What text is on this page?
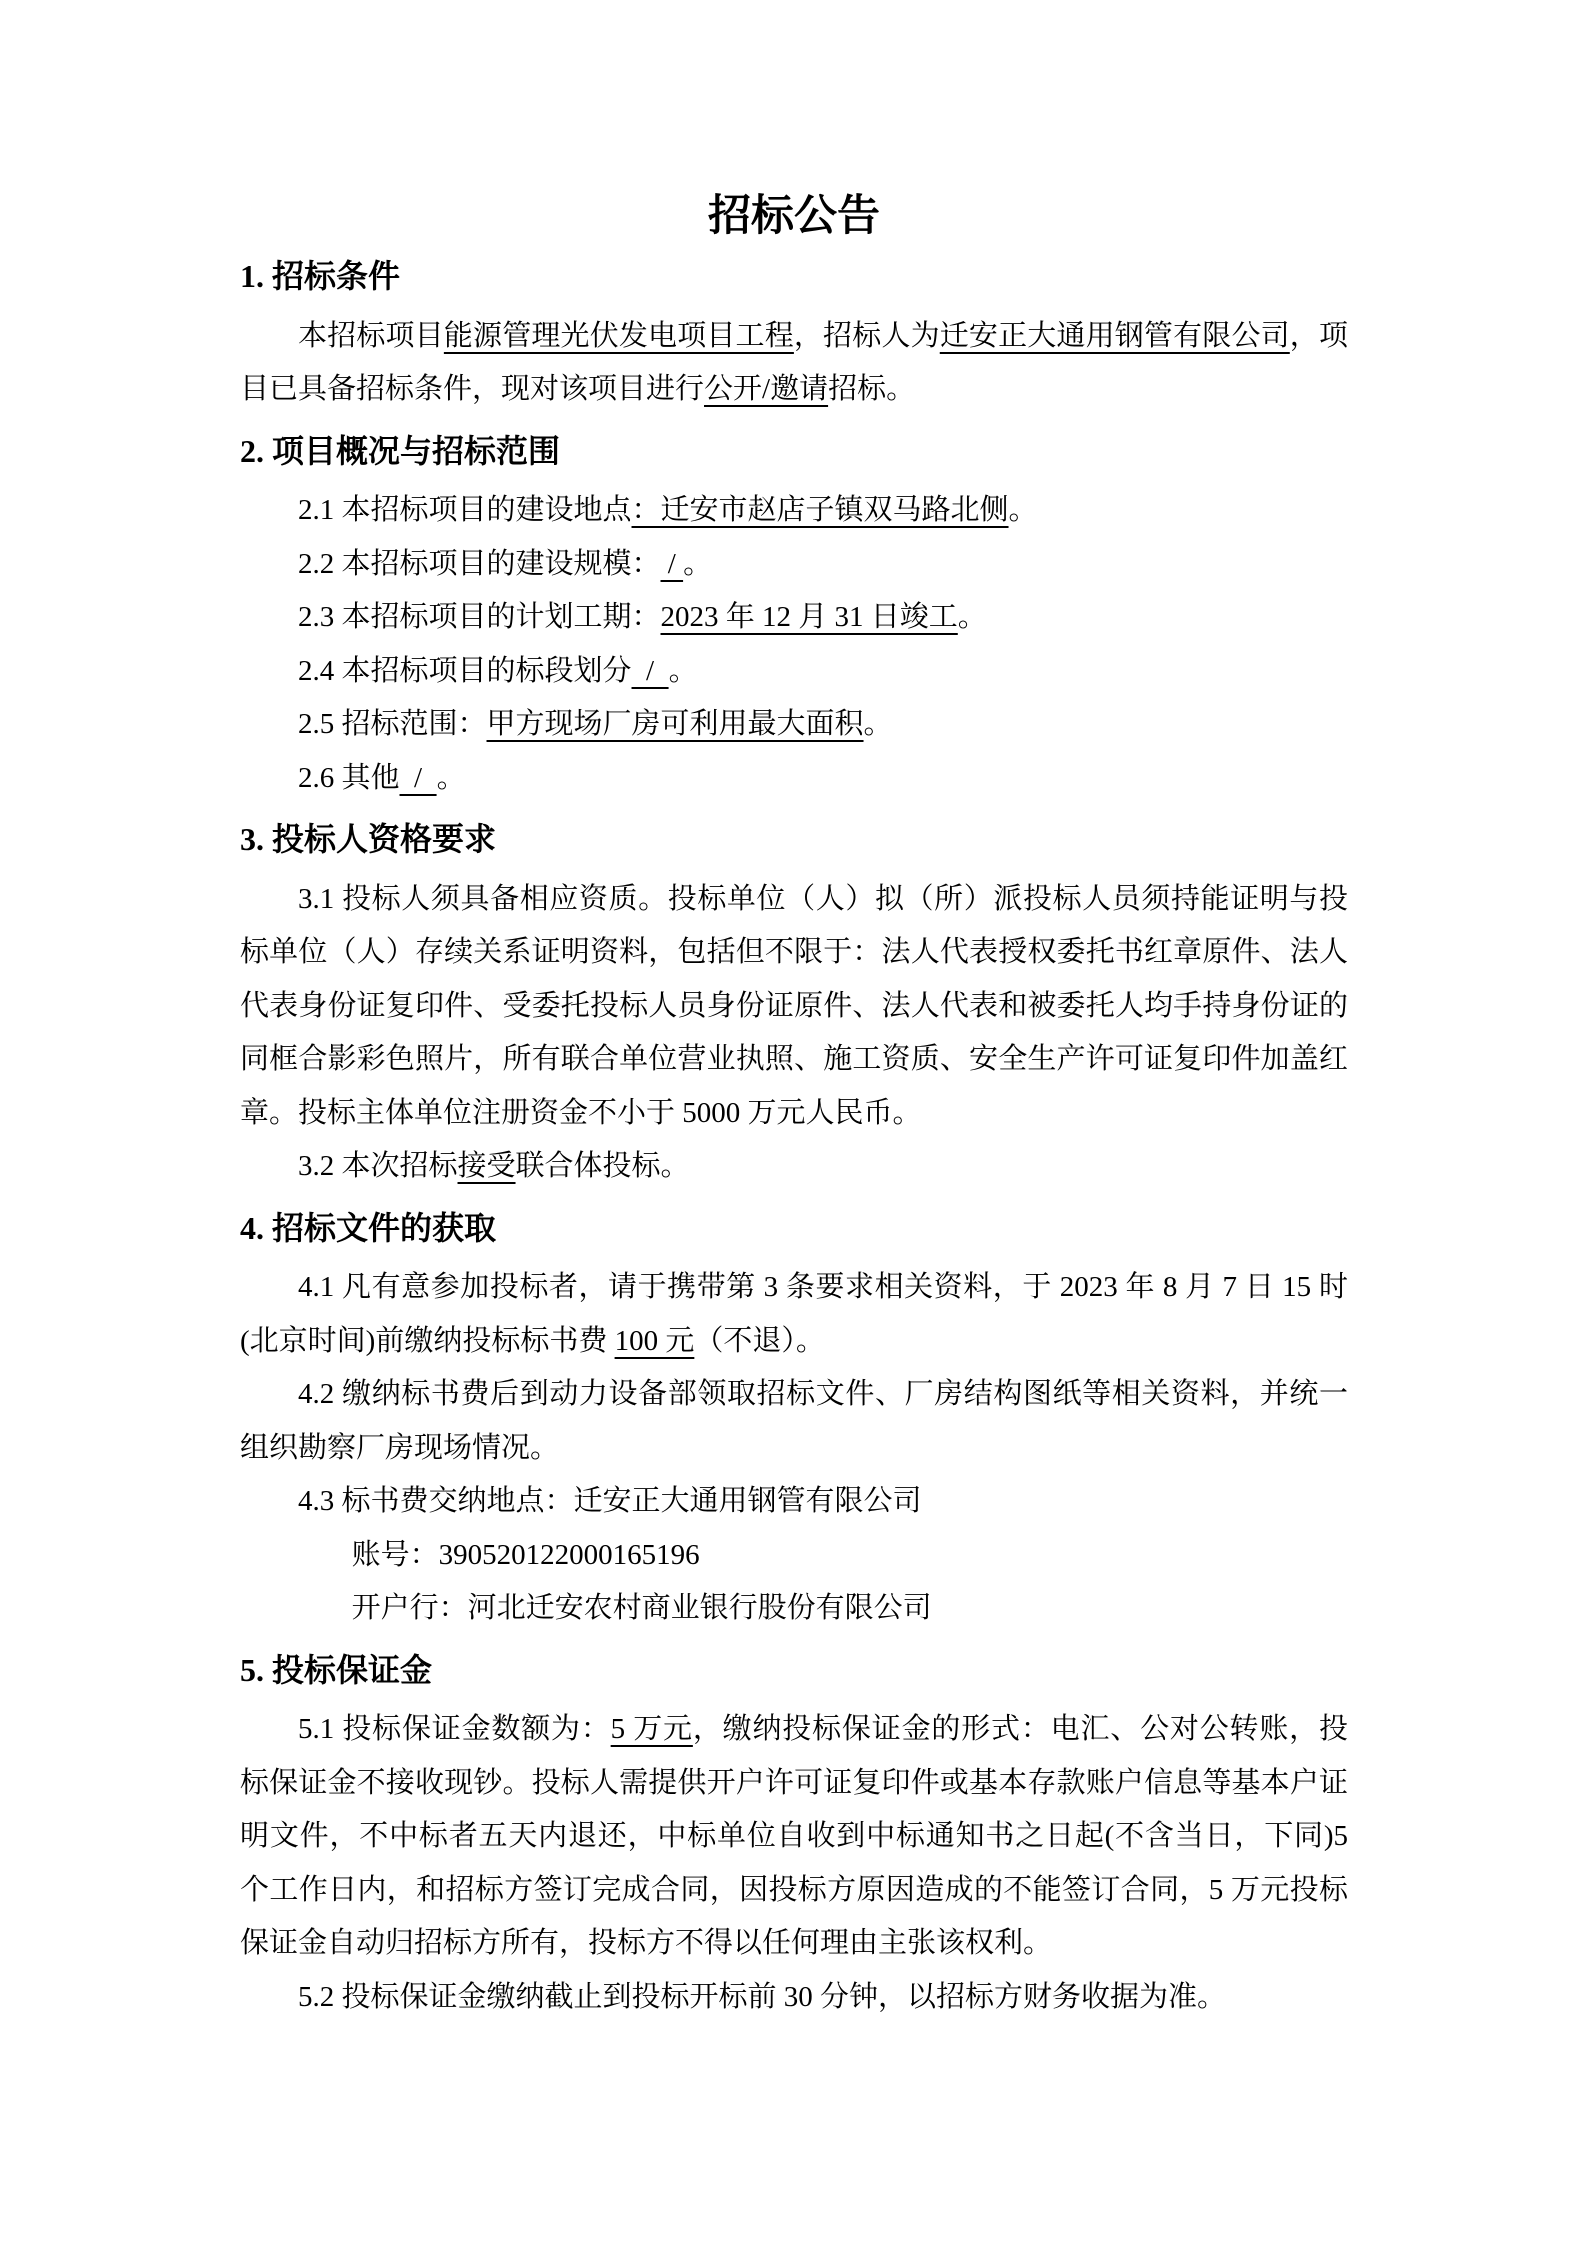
招标公告
1. 招标条件

本招标项目能源管理光伏发电项目工程，招标人为迁安正大通用钢管有限公司，项目已具备招标条件，现对该项目进行公开/邀请招标。

2. 项目概况与招标范围

2.1 本招标项目的建设地点：迁安市赵店子镇双马路北侧。

2.2 本招标项目的建设规模： / 。

2.3 本招标项目的计划工期：2023 年 12 月 31 日竣工。

2.4 本招标项目的标段划分  /  。

2.5 招标范围：甲方现场厂房可利用最大面积。

2.6 其他  /  。

3. 投标人资格要求

3.1 投标人须具备相应资质。投标单位（人）拟（所）派投标人员须持能证明与投标单位（人）存续关系证明资料，包括但不限于：法人代表授权委托书红章原件、法人代表身份证复印件、受委托投标人员身份证原件、法人代表和被委托人均手持身份证的同框合影彩色照片，所有联合单位营业执照、施工资质、安全生产许可证复印件加盖红章。投标主体单位注册资金不小于 5000 万元人民币。

3.2 本次招标接受联合体投标。

4. 招标文件的获取

4.1 凡有意参加投标者，请于携带第 3 条要求相关资料，于 2023 年 8 月 7 日 15 时(北京时间)前缴纳投标标书费 100 元（不退）。

4.2 缴纳标书费后到动力设备部领取招标文件、厂房结构图纸等相关资料，并统一组织勘察厂房现场情况。

4.3 标书费交纳地点：迁安正大通用钢管有限公司

账号：390520122000165196

开户行：河北迁安农村商业银行股份有限公司

5. 投标保证金

5.1 投标保证金数额为：5 万元，缴纳投标保证金的形式：电汇、公对公转账，投标保证金不接收现钞。投标人需提供开户许可证复印件或基本存款账户信息等基本户证明文件，不中标者五天内退还，中标单位自收到中标通知书之日起(不含当日，下同)5 个工作日内，和招标方签订完成合同，因投标方原因造成的不能签订合同，5 万元投标保证金自动归招标方所有，投标方不得以任何理由主张该权利。

5.2 投标保证金缴纳截止到投标开标前 30 分钟，以招标方财务收据为准。
